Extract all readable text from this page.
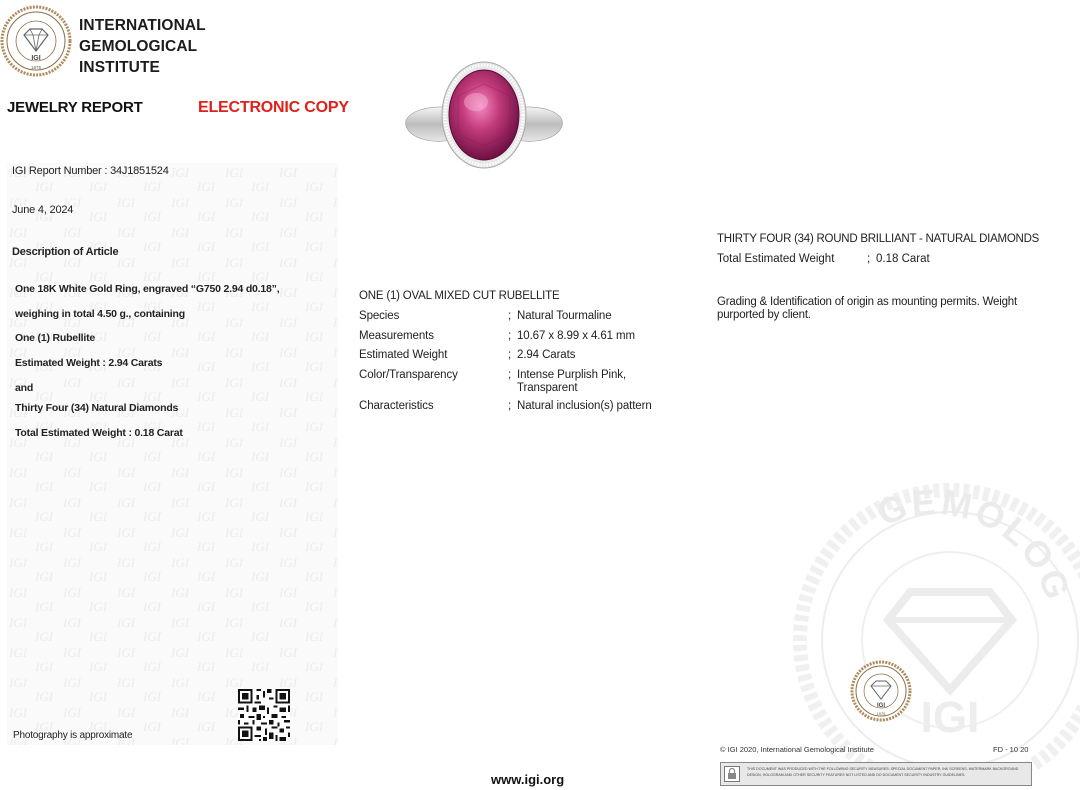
IGI
1975
INTERNATIONAL
GEMOLOGICAL
INSTITUTE
JEWELRY REPORT	ELECTRONIC COPY
IGI Report Number : 34J1851524
June 4, 2024
Description of Article
One 18K White Gold Ring, engraved “G750 2.94 d0.18”,
weighing in total 4.50 g., containing
One (1) Rubellite
Estimated Weight : 2.94 Carats
and
Thirty Four (34) Natural Diamonds
Total Estimated Weight : 0.18 Carat
Photography is approximate
ONE (1) OVAL MIXED CUT RUBELLITE
Species	; Natural Tourmaline
Measurements	; 10.67 x 8.99 x 4.61 mm
Estimated Weight	; 2.94 Carats
Color/Transparency	; Intense Purplish Pink, Transparent
Characteristics	; Natural inclusion(s) pattern
THIRTY FOUR (34) ROUND BRILLIANT - NATURAL DIAMONDS
Total Estimated Weight	; 0.18 Carat
Grading & Identification of origin as mounting permits. Weight purported by client.
GEMOLOG
IGI
IGI
1975
© IGI 2020, International Gemological Institute	FD - 10 20
THIS DOCUMENT WAS PRODUCED WITH THE FOLLOWING SECURITY MEASURES: SPECIAL DOCUMENT PAPER, INK SCREENS, WATERMARK BACKGROUND DESIGN, HOLOGRAM AND OTHER SECURITY FEATURES NOT LISTED AND DO DOCUMENT SECURITY INDUSTRY GUIDELINES.
www.igi.org
